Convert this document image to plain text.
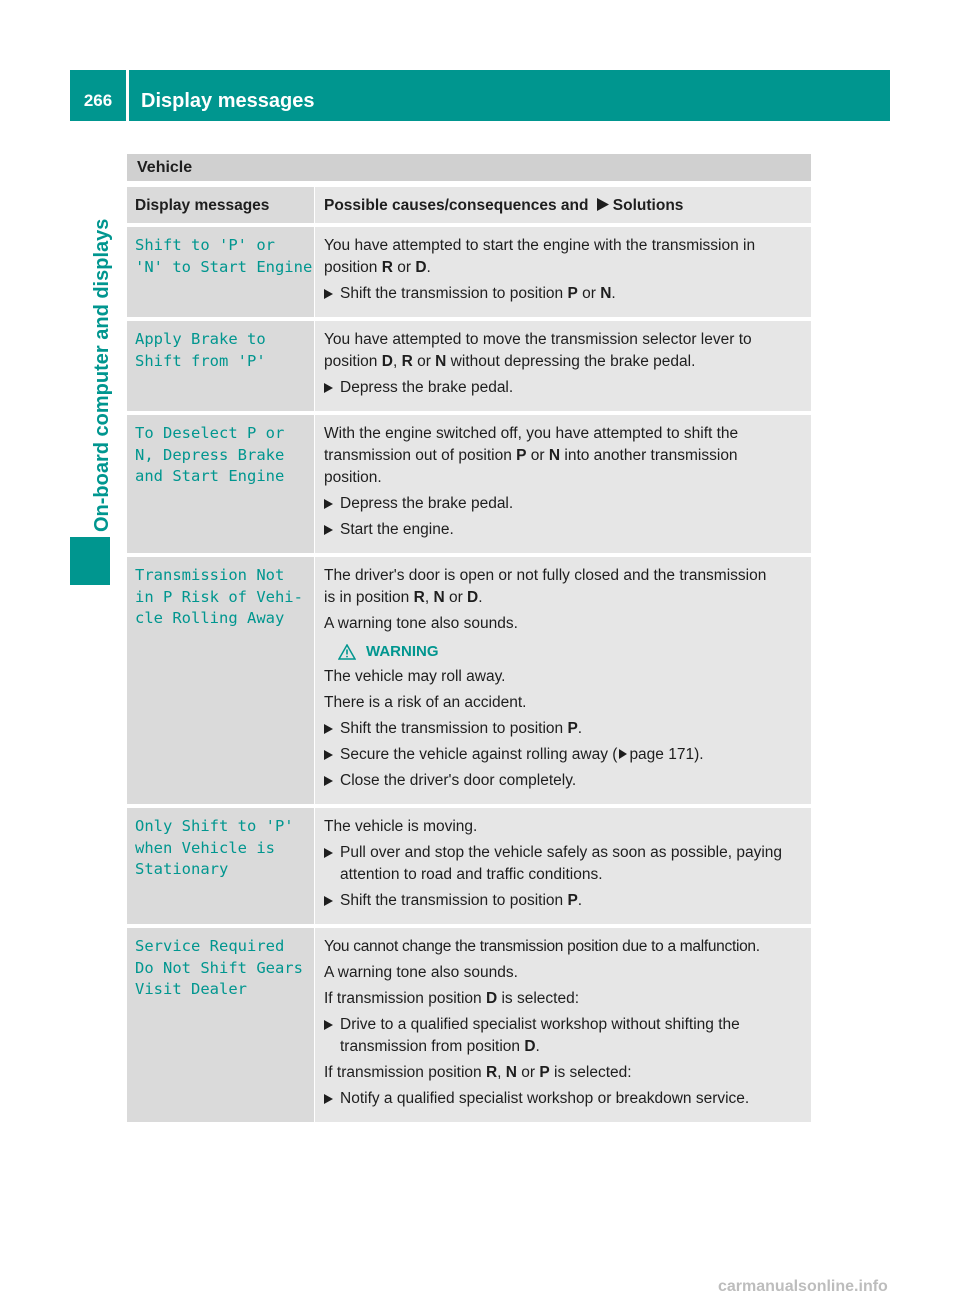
266	Display messages
On-board computer and displays
Vehicle
Display messages	Possible causes/consequences and Solutions
Shift to 'P' or
'N' to Start Engine

You have attempted to start the engine with the transmission in
position R or D.

Shift the transmission to position P or N.
Apply Brake to
Shift from 'P'

You have attempted to move the transmission selector lever to
position D, R or N without depressing the brake pedal.

Depress the brake pedal.
To Deselect P or
N, Depress Brake
and Start Engine

With the engine switched off, you have attempted to shift the
transmission out of position P or N into another transmission
position.

Depress the brake pedal.
Start the engine.
Transmission Not
in P Risk of Vehi‑
cle Rolling Away

The driver's door is open or not fully closed and the transmission
is in position R, N or D.

A warning tone also sounds.

WARNING

The vehicle may roll away.

There is a risk of an accident.

Shift the transmission to position P.
Secure the vehicle against rolling away ( page 171).
Close the driver's door completely.
Only Shift to 'P'
when Vehicle is
Stationary

The vehicle is moving.

Pull over and stop the vehicle safely as soon as possible, paying
attention to road and traffic conditions.
Shift the transmission to position P.
Service Required
Do Not Shift Gears
Visit Dealer

You cannot change the transmission position due to a malfunction.

A warning tone also sounds.

If transmission position D is selected:

Drive to a qualified specialist workshop without shifting the
transmission from position D.

If transmission position R, N or P is selected:

Notify a qualified specialist workshop or breakdown service.
carmanualsonline.info
